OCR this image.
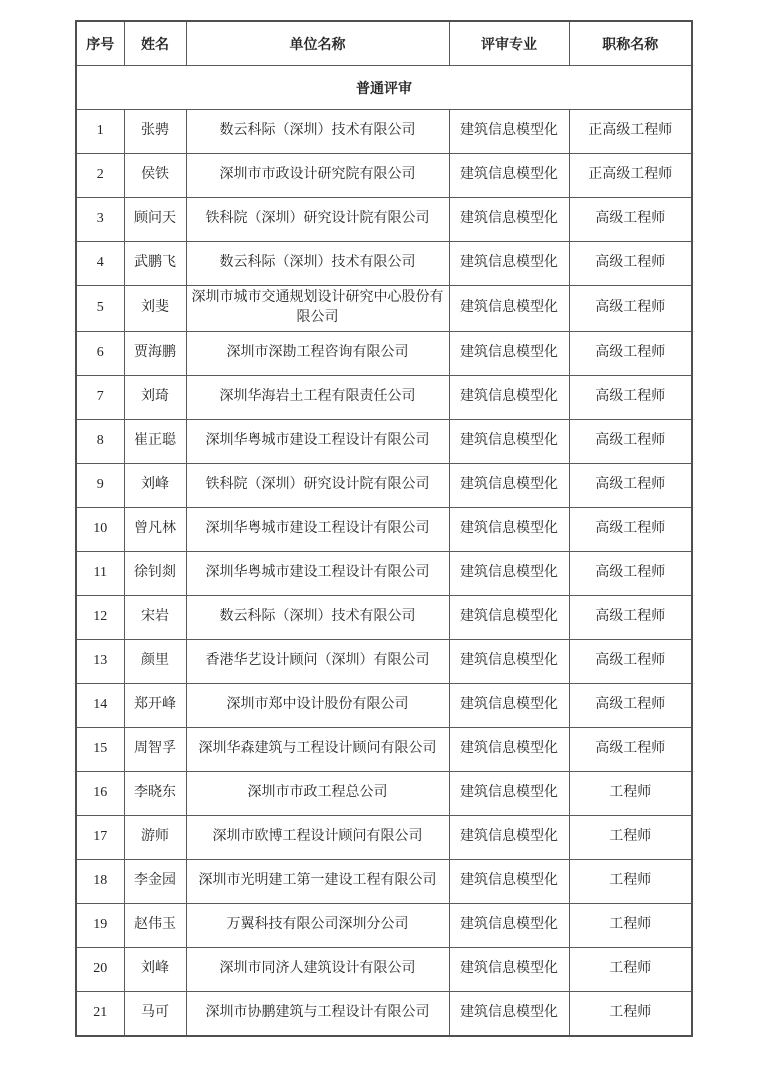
序号	姓名	单位名称	评审专业	职称名称
普通评审				
1	张骋	数云科际（深圳）技术有限公司	建筑信息模型化	正高级工程师
2	侯铁	深圳市市政设计研究院有限公司	建筑信息模型化	正高级工程师
3	顾问天	铁科院（深圳）研究设计院有限公司	建筑信息模型化	高级工程师
4	武鹏飞	数云科际（深圳）技术有限公司	建筑信息模型化	高级工程师
5	刘斐	深圳市城市交通规划设计研究中心股份有限公司	建筑信息模型化	高级工程师
6	贾海鹏	深圳市深勘工程咨询有限公司	建筑信息模型化	高级工程师
7	刘琦	深圳华海岩土工程有限责任公司	建筑信息模型化	高级工程师
8	崔正聪	深圳华粤城市建设工程设计有限公司	建筑信息模型化	高级工程师
9	刘峰	铁科院（深圳）研究设计院有限公司	建筑信息模型化	高级工程师
10	曾凡林	深圳华粤城市建设工程设计有限公司	建筑信息模型化	高级工程师
11	徐钊剡	深圳华粤城市建设工程设计有限公司	建筑信息模型化	高级工程师
12	宋岩	数云科际（深圳）技术有限公司	建筑信息模型化	高级工程师
13	颜里	香港华艺设计顾问（深圳）有限公司	建筑信息模型化	高级工程师
14	郑开峰	深圳市郑中设计股份有限公司	建筑信息模型化	高级工程师
15	周智孚	深圳华森建筑与工程设计顾问有限公司	建筑信息模型化	高级工程师
16	李晓东	深圳市市政工程总公司	建筑信息模型化	工程师
17	游师	深圳市欧博工程设计顾问有限公司	建筑信息模型化	工程师
18	李金园	深圳市光明建工第一建设工程有限公司	建筑信息模型化	工程师
19	赵伟玉	万翼科技有限公司深圳分公司	建筑信息模型化	工程师
20	刘峰	深圳市同济人建筑设计有限公司	建筑信息模型化	工程师
21	马可	深圳市协鹏建筑与工程设计有限公司	建筑信息模型化	工程师
